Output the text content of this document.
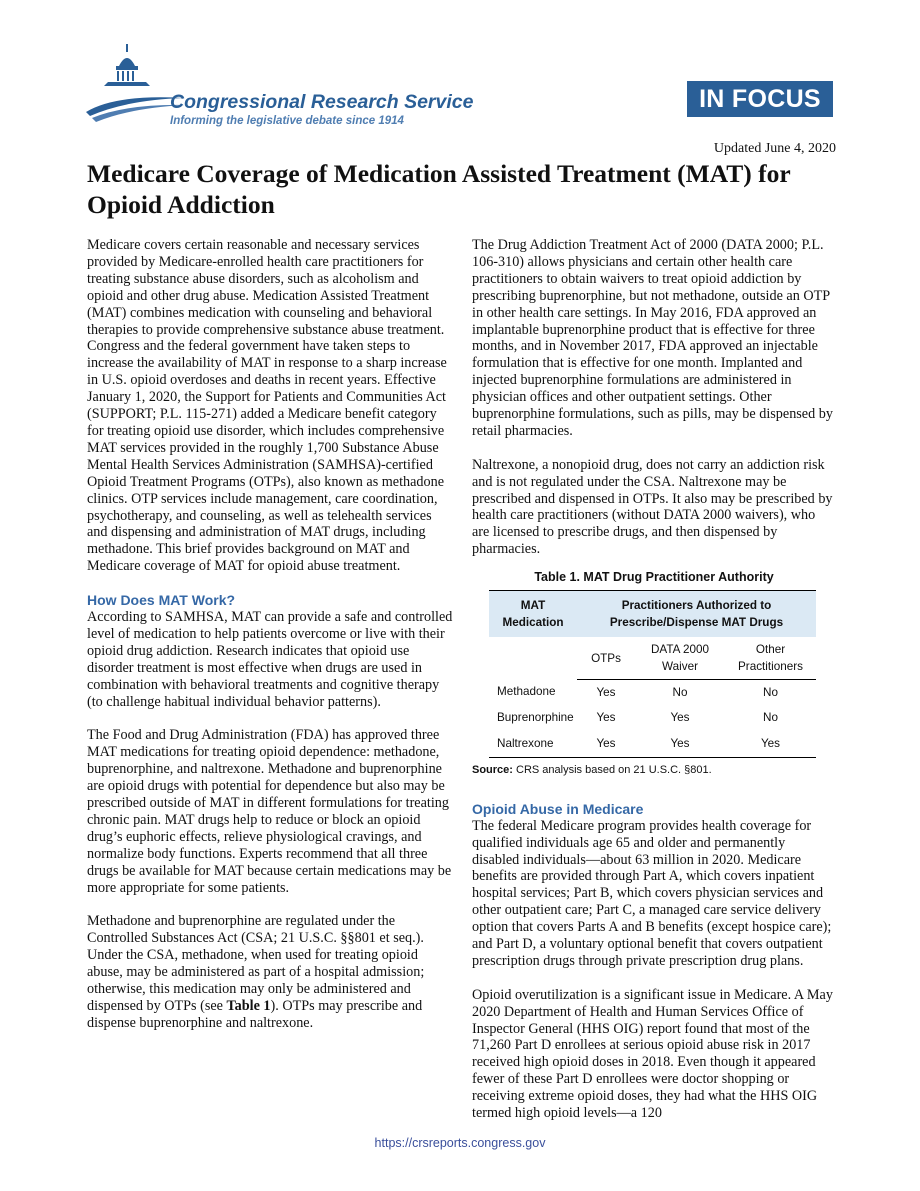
Congressional Research Service
Informing the legislative debate since 1914
IN FOCUS
Updated June 4, 2020
Medicare Coverage of Medication Assisted Treatment (MAT) for Opioid Addiction

Medicare covers certain reasonable and necessary services provided by Medicare-enrolled health care practitioners for treating substance abuse disorders, such as alcoholism and opioid and other drug abuse. Medication Assisted Treatment (MAT) combines medication with counseling and behavioral therapies to provide comprehensive substance abuse treatment. Congress and the federal government have taken steps to increase the availability of MAT in response to a sharp increase in U.S. opioid overdoses and deaths in recent years. Effective January 1, 2020, the Support for Patients and Communities Act (SUPPORT; P.L. 115-271) added a Medicare benefit category for treating opioid use disorder, which includes comprehensive MAT services provided in the roughly 1,700 Substance Abuse Mental Health Services Administration (SAMHSA)-certified Opioid Treatment Programs (OTPs), also known as methadone clinics. OTP services include management, care coordination, psychotherapy, and counseling, as well as telehealth services and dispensing and administration of MAT drugs, including methadone. This brief provides background on MAT and Medicare coverage of MAT for opioid abuse treatment.

How Does MAT Work?

According to SAMHSA, MAT can provide a safe and controlled level of medication to help patients overcome or live with their opioid drug addiction. Research indicates that opioid use disorder treatment is most effective when drugs are used in combination with behavioral treatments and cognitive therapy (to challenge habitual individual behavior patterns).

The Food and Drug Administration (FDA) has approved three MAT medications for treating opioid dependence: methadone, buprenorphine, and naltrexone. Methadone and buprenorphine are opioid drugs with potential for dependence but also may be prescribed outside of MAT in different formulations for treating chronic pain. MAT drugs help to reduce or block an opioid drug’s euphoric effects, relieve physiological cravings, and normalize body functions. Experts recommend that all three drugs be available for MAT because certain medications may be more appropriate for some patients.

Methadone and buprenorphine are regulated under the Controlled Substances Act (CSA; 21 U.S.C. §§801 et seq.). Under the CSA, methadone, when used for treating opioid abuse, may be administered as part of a hospital admission; otherwise, this medication may only be administered and dispensed by OTPs (see Table 1). OTPs may prescribe and dispense buprenorphine and naltrexone.

The Drug Addiction Treatment Act of 2000 (DATA 2000; P.L. 106-310) allows physicians and certain other health care practitioners to obtain waivers to treat opioid addiction by prescribing buprenorphine, but not methadone, outside an OTP in other health care settings. In May 2016, FDA approved an implantable buprenorphine product that is effective for three months, and in November 2017, FDA approved an injectable formulation that is effective for one month. Implanted and injected buprenorphine formulations are administered in physician offices and other outpatient settings. Other buprenorphine formulations, such as pills, may be dispensed by retail pharmacies.

Naltrexone, a nonopioid drug, does not carry an addiction risk and is not regulated under the CSA. Naltrexone may be prescribed and dispensed in OTPs. It also may be prescribed by health care practitioners (without DATA 2000 waivers), who are licensed to prescribe drugs, and then dispensed by pharmacies.

Table 1. MAT Drug Practitioner Authority
MAT Medication	Practitioners Authorized to Prescribe/Dispense MAT Drugs		
	OTPs	DATA 2000 Waiver	Other Practitioners
Methadone	Yes	No	No
Buprenorphine	Yes	Yes	No
Naltrexone	Yes	Yes	Yes
Source: CRS analysis based on 21 U.S.C. §801.
Opioid Abuse in Medicare

The federal Medicare program provides health coverage for qualified individuals age 65 and older and permanently disabled individuals—about 63 million in 2020. Medicare benefits are provided through Part A, which covers inpatient hospital services; Part B, which covers physician services and other outpatient care; Part C, a managed care service delivery option that covers Parts A and B benefits (except hospice care); and Part D, a voluntary optional benefit that covers outpatient prescription drugs through private prescription drug plans.

Opioid overutilization is a significant issue in Medicare. A May 2020 Department of Health and Human Services Office of Inspector General (HHS OIG) report found that most of the 71,260 Part D enrollees at serious opioid abuse risk in 2017 received high opioid doses in 2018. Even though it appeared fewer of these Part D enrollees were doctor shopping or receiving extreme opioid doses, they had what the HHS OIG termed high opioid levels—a 120

https://crsreports.congress.gov
